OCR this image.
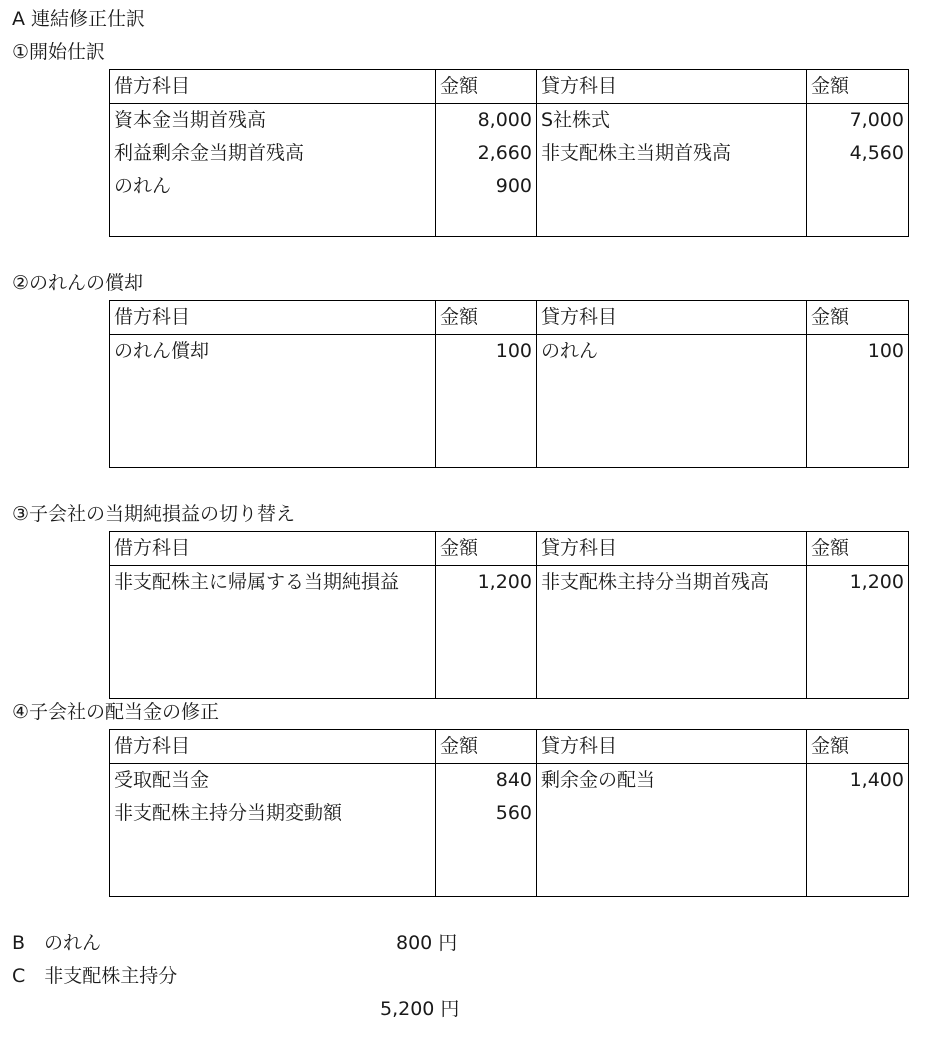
A 連結修正仕訳
①開始仕訳
借方科目	金額	貸方科目	金額
資本金当期首残高	8,000	S社株式	7,000
利益剰余金当期首残高	2,660	非支配株主当期首残高	4,560
のれん	900		

②のれんの償却
借方科目	金額	貸方科目	金額
のれん償却	100	のれん	100

③子会社の当期純損益の切り替え
借方科目	金額	貸方科目	金額
非支配株主に帰属する当期純損益	1,200	非支配株主持分当期首残高	1,200

④子会社の配当金の修正
借方科目	金額	貸方科目	金額
受取配当金	840	剰余金の配当	1,400
非支配株主持分当期変動額	560		

B　のれん	800 円
C　非支配株主持分
5,200 円
